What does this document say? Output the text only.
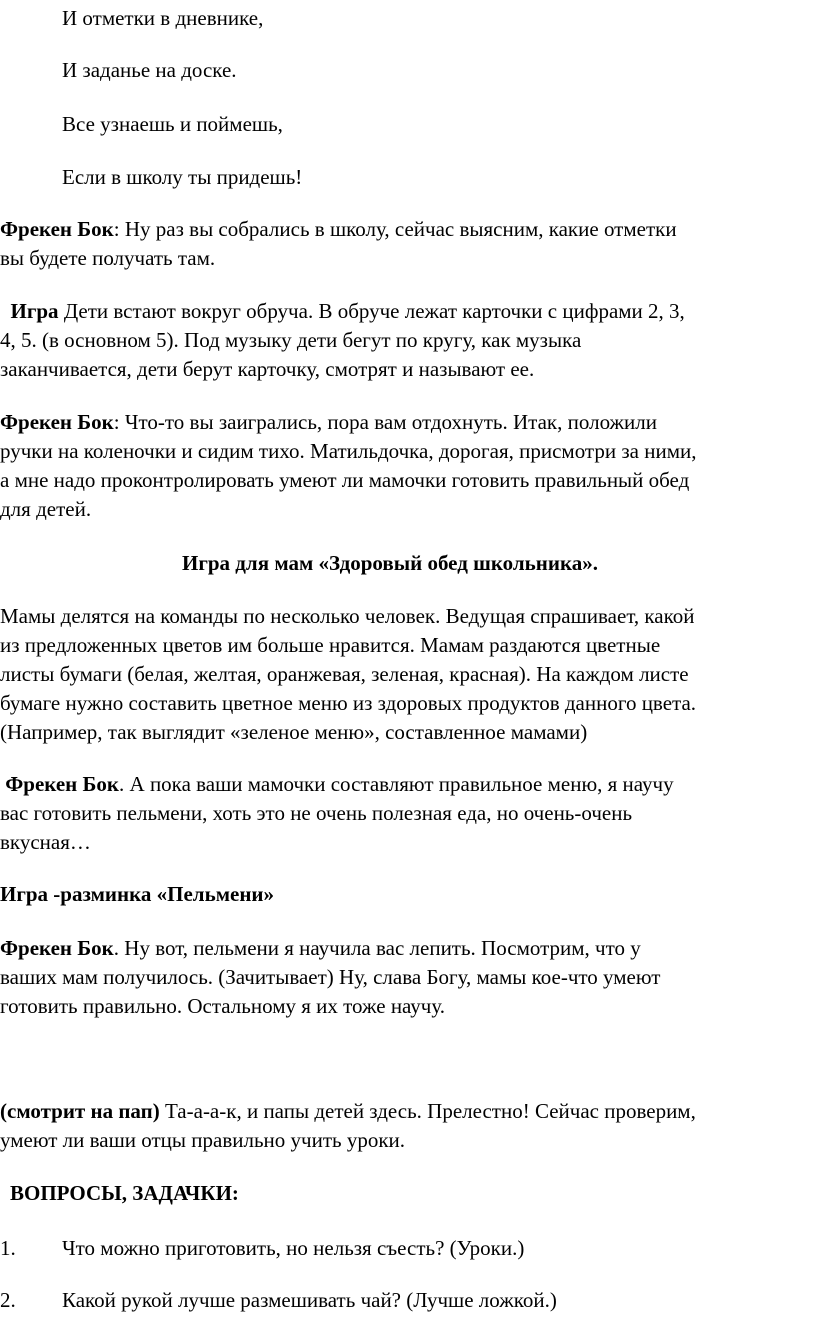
И отметки в дневнике,

И заданье на доске.

Все узнаешь и поймешь,

Если в школу ты придешь!

Фрекен Бок: Ну раз вы собрались в школу, сейчас выясним, какие отметки
вы будете получать там.
Игра Дети встают вокруг обруча. В обруче лежат карточки с цифрами 2, 3,
4, 5. (в основном 5). Под музыку дети бегут по кругу, как музыка
заканчивается, дети берут карточку, смотрят и называют ее.
Фрекен Бок: Что-то вы заигрались, пора вам отдохнуть. Итак, положили
ручки на коленочки и сидим тихо. Матильдочка, дорогая, присмотри за ними,
а мне надо проконтролировать умеют ли мамочки готовить правильный обед
для детей.
Игра для мам «Здоровый обед школьника».
Мамы делятся на команды по несколько человек. Ведущая спрашивает, какой
из предложенных цветов им больше нравится. Мамам раздаются цветные
листы бумаги (белая, желтая, оранжевая, зеленая, красная). На каждом листе
бумаге нужно составить цветное меню из здоровых продуктов данного цвета.
(Например, так выглядит «зеленое меню», составленное мамами)
Фрекен Бок. А пока ваши мамочки составляют правильное меню, я научу
вас готовить пельмени, хоть это не очень полезная еда, но очень-очень
вкусная…
Игра -разминка «Пельмени»
Фрекен Бок. Ну вот, пельмени я научила вас лепить. Посмотрим, что у
ваших мам получилось. (Зачитывает) Ну, слава Богу, мамы кое-что умеют
готовить правильно. Остальному я их тоже научу.
(смотрит на пап) Та-а-а-к, и папы детей здесь. Прелестно! Сейчас проверим,
умеют ли ваши отцы правильно учить уроки.
ВОПРОСЫ, ЗАДАЧКИ:
1. Что можно приготовить, но нельзя съесть? (Уроки.)
2. Какой рукой лучше размешивать чай? (Лучше ложкой.)
